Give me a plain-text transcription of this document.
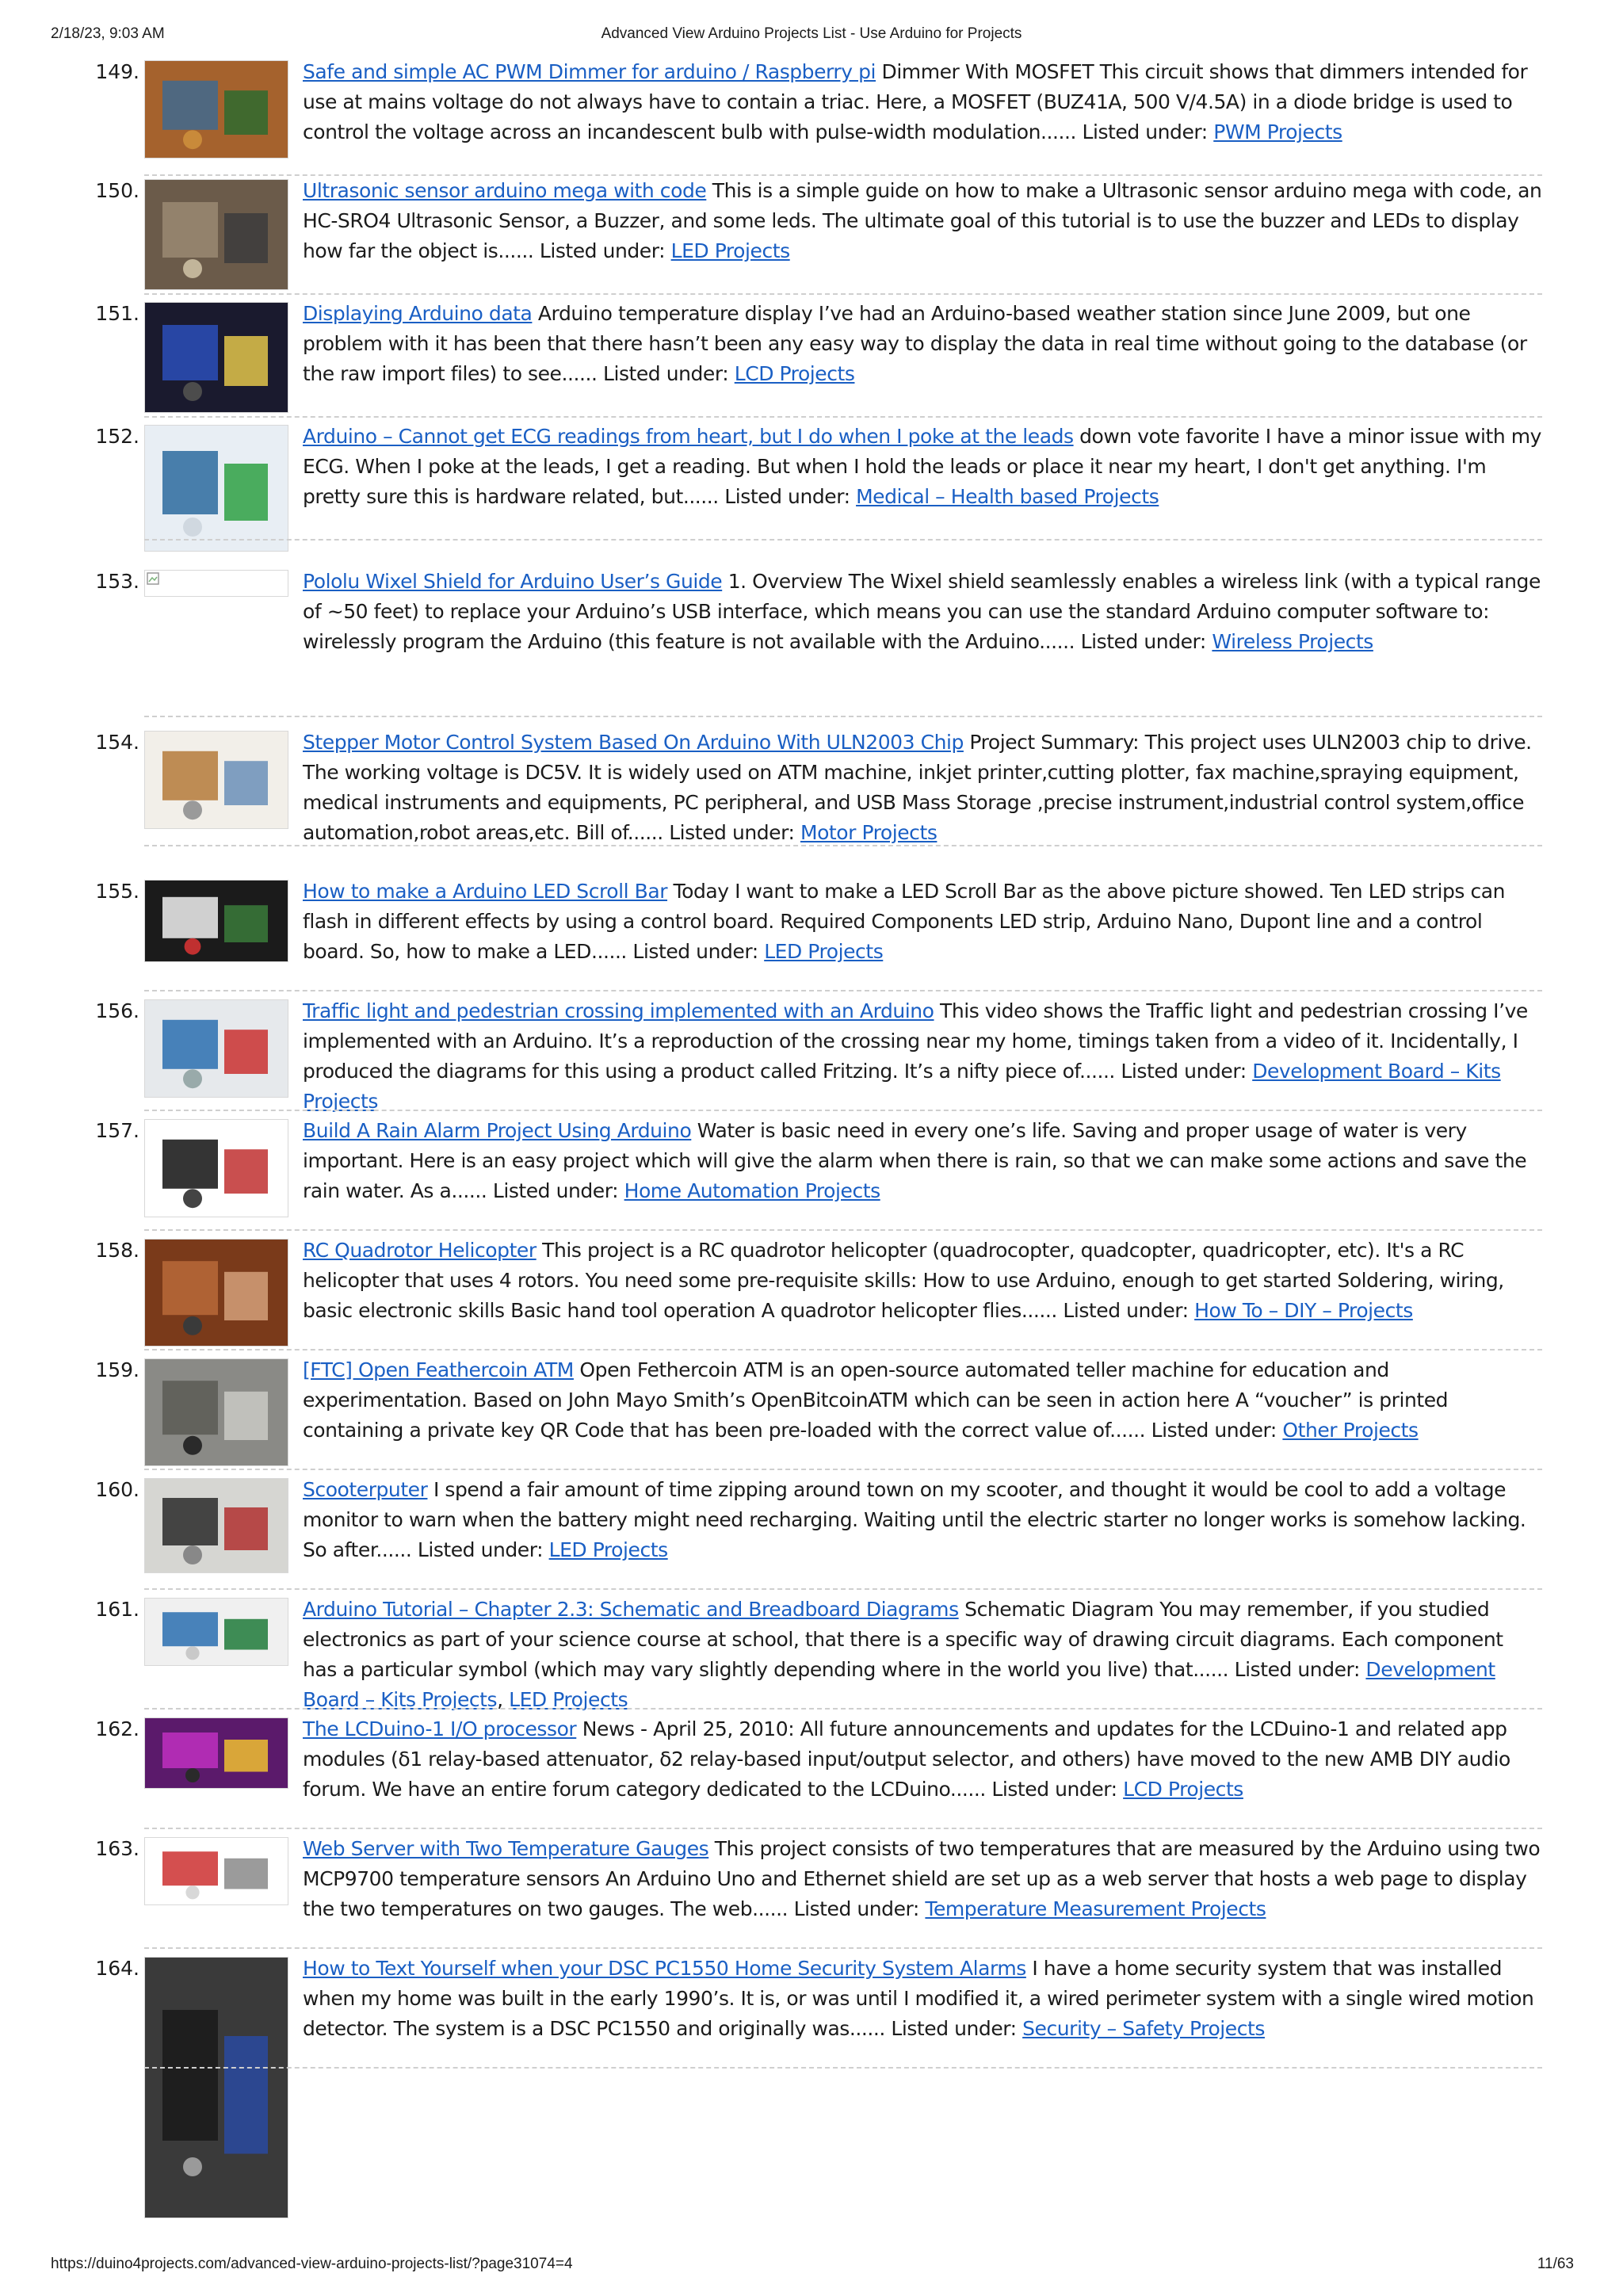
2/18/23, 9:03 AM	Advanced View Arduino Projects List - Use Arduino for Projects
149.	Safe and simple AC PWM Dimmer for arduino / Raspberry pi Dimmer With MOSFET This circuit shows that dimmers intended for use at mains voltage do not always have to contain a triac. Here, a MOSFET (BUZ41A, 500 V/4.5A) in a diode bridge is used to control the voltage across an incandescent bulb with pulse-width modulation...... Listed under: PWM Projects
150.	Ultrasonic sensor arduino mega with code This is a simple guide on how to make a Ultrasonic sensor arduino mega with code, an HC-SRO4 Ultrasonic Sensor, a Buzzer, and some leds. The ultimate goal of this tutorial is to use the buzzer and LEDs to display how far the object is...... Listed under: LED Projects
151.	Displaying Arduino data Arduino temperature display I’ve had an Arduino-based weather station since June 2009, but one problem with it has been that there hasn’t been any easy way to display the data in real time without going to the database (or the raw import files) to see...... Listed under: LCD Projects
152.	Arduino – Cannot get ECG readings from heart, but I do when I poke at the leads down vote favorite I have a minor issue with my ECG. When I poke at the leads, I get a reading. But when I hold the leads or place it near my heart, I don't get anything. I'm pretty sure this is hardware related, but...... Listed under: Medical – Health based Projects
153.	Pololu Wixel Shield for Arduino User’s Guide 1. Overview The Wixel shield seamlessly enables a wireless link (with a typical range of ~50 feet) to replace your Arduino’s USB interface, which means you can use the standard Arduino computer software to: wirelessly program the Arduino (this feature is not available with the Arduino...... Listed under: Wireless Projects
154.	Stepper Motor Control System Based On Arduino With ULN2003 Chip Project Summary: This project uses ULN2003 chip to drive. The working voltage is DC5V. It is widely used on ATM machine, inkjet printer,cutting plotter, fax machine,spraying equipment, medical instruments and equipments, PC peripheral, and USB Mass Storage ,precise instrument,industrial control system,office automation,robot areas,etc. Bill of...... Listed under: Motor Projects
155.	How to make a Arduino LED Scroll Bar Today I want to make a LED Scroll Bar as the above picture showed. Ten LED strips can flash in different effects by using a control board. Required Components LED strip, Arduino Nano, Dupont line and a control board. So, how to make a LED...... Listed under: LED Projects
156.	Traffic light and pedestrian crossing implemented with an Arduino This video shows the Traffic light and pedestrian crossing I’ve implemented with an Arduino. It’s a reproduction of the crossing near my home, timings taken from a video of it. Incidentally, I produced the diagrams for this using a product called Fritzing. It’s a nifty piece of...... Listed under: Development Board – Kits Projects
157.	Build A Rain Alarm Project Using Arduino Water is basic need in every one’s life. Saving and proper usage of water is very important. Here is an easy project which will give the alarm when there is rain, so that we can make some actions and save the rain water. As a...... Listed under: Home Automation Projects
158.	RC Quadrotor Helicopter This project is a RC quadrotor helicopter (quadrocopter, quadcopter, quadricopter, etc). It's a RC helicopter that uses 4 rotors. You need some pre-requisite skills: How to use Arduino, enough to get started Soldering, wiring, basic electronic skills Basic hand tool operation A quadrotor helicopter flies...... Listed under: How To – DIY – Projects
159.	[FTC] Open Feathercoin ATM Open Fethercoin ATM is an open-source automated teller machine for education and experimentation. Based on John Mayo Smith’s OpenBitcoinATM which can be seen in action here A “voucher” is printed containing a private key QR Code that has been pre-loaded with the correct value of...... Listed under: Other Projects
160.	Scooterputer I spend a fair amount of time zipping around town on my scooter, and thought it would be cool to add a voltage monitor to warn when the battery might need recharging. Waiting until the electric starter no longer works is somehow lacking. So after...... Listed under: LED Projects
161.	Arduino Tutorial – Chapter 2.3: Schematic and Breadboard Diagrams Schematic Diagram You may remember, if you studied electronics as part of your science course at school, that there is a specific way of drawing circuit diagrams. Each component has a particular symbol (which may vary slightly depending where in the world you live) that...... Listed under: Development Board – Kits Projects, LED Projects
162.	The LCDuino-1 I/O processor News - April 25, 2010: All future announcements and updates for the LCDuino-1 and related app modules (δ1 relay-based attenuator, δ2 relay-based input/output selector, and others) have moved to the new AMB DIY audio forum. We have an entire forum category dedicated to the LCDuino...... Listed under: LCD Projects
163.	Web Server with Two Temperature Gauges This project consists of two temperatures that are measured by the Arduino using two MCP9700 temperature sensors An Arduino Uno and Ethernet shield are set up as a web server that hosts a web page to display the two temperatures on two gauges. The web...... Listed under: Temperature Measurement Projects
164.	How to Text Yourself when your DSC PC1550 Home Security System Alarms I have a home security system that was installed when my home was built in the early 1990’s. It is, or was until I modified it, a wired perimeter system with a single wired motion detector. The system is a DSC PC1550 and originally was...... Listed under: Security – Safety Projects
https://duino4projects.com/advanced-view-arduino-projects-list/?page31074=4	11/63
